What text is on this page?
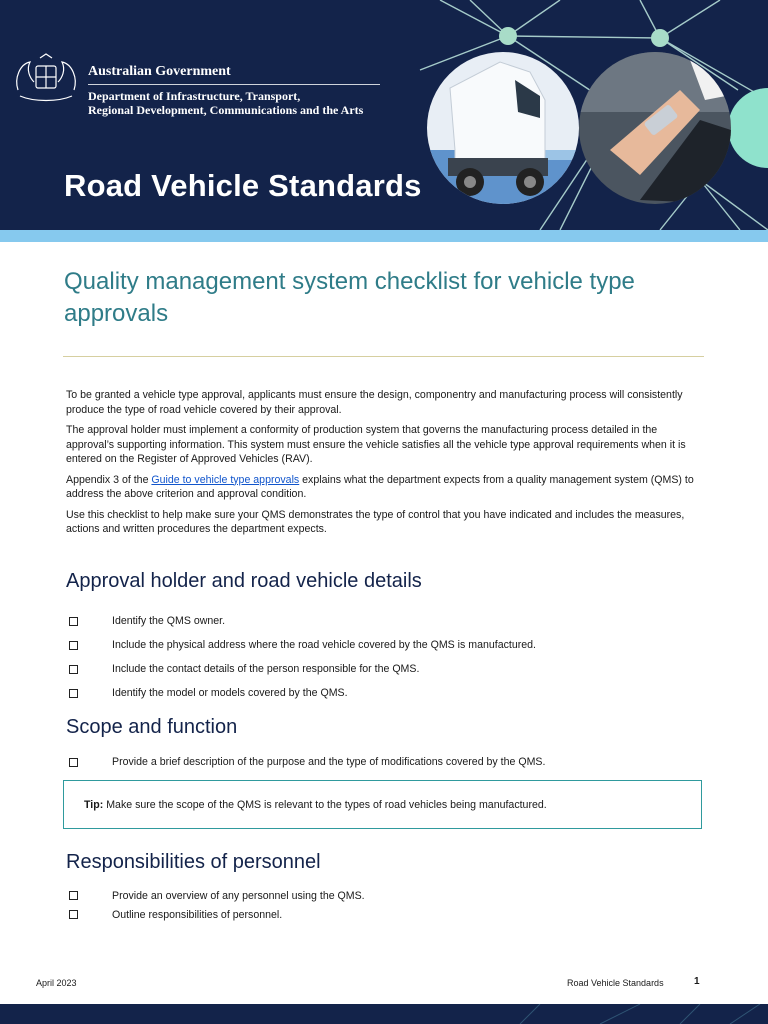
Australian Government
Department of Infrastructure, Transport,
Regional Development, Communications and the Arts
Road Vehicle Standards
Quality management system checklist for vehicle type approvals

To be granted a vehicle type approval, applicants must ensure the design, componentry and manufacturing process will consistently produce the type of road vehicle covered by their approval.

The approval holder must implement a conformity of production system that governs the manufacturing process detailed in the approval’s supporting information. This system must ensure the vehicle satisfies all the vehicle type approval requirements when it is entered on the Register of Approved Vehicles (RAV).

Appendix 3 of the Guide to vehicle type approvals explains what the department expects from a quality management system (QMS) to address the above criterion and approval condition.

Use this checklist to help make sure your QMS demonstrates the type of control that you have indicated and includes the measures, actions and written procedures the department expects.

Approval holder and road vehicle details
Identify the QMS owner.
Include the physical address where the road vehicle covered by the QMS is manufactured.
Include the contact details of the person responsible for the QMS.
Identify the model or models covered by the QMS.
Scope and function
Provide a brief description of the purpose and the type of modifications covered by the QMS.
Tip: Make sure the scope of the QMS is relevant to the types of road vehicles being manufactured.
Responsibilities of personnel
Provide an overview of any personnel using the QMS.
Outline responsibilities of personnel.
April 2023	Road Vehicle Standards	1
